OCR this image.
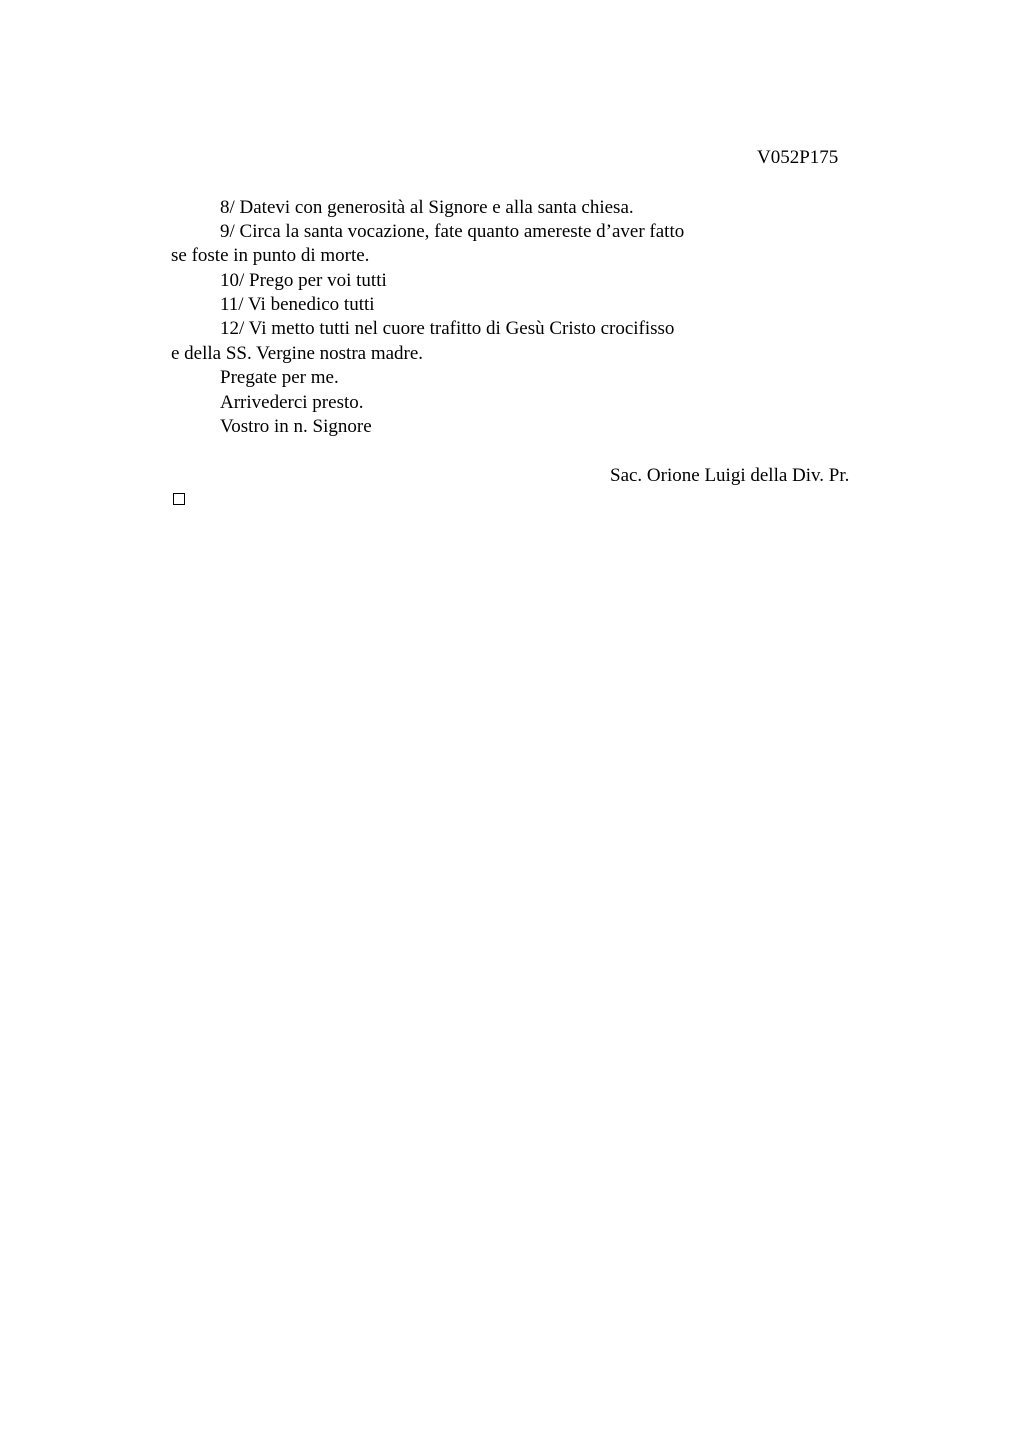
V052P175
8/ Datevi con generosità al Signore e alla santa chiesa.
9/ Circa la santa vocazione, fate quanto amereste d’aver fatto
se foste in punto di morte.
10/ Prego per voi tutti
11/ Vi benedico tutti
12/ Vi metto tutti nel cuore trafitto di Gesù Cristo crocifisso
e della SS. Vergine nostra madre.
Pregate per me.
Arrivederci presto.
Vostro in n. Signore
Sac. Orione Luigi della Div. Pr.
